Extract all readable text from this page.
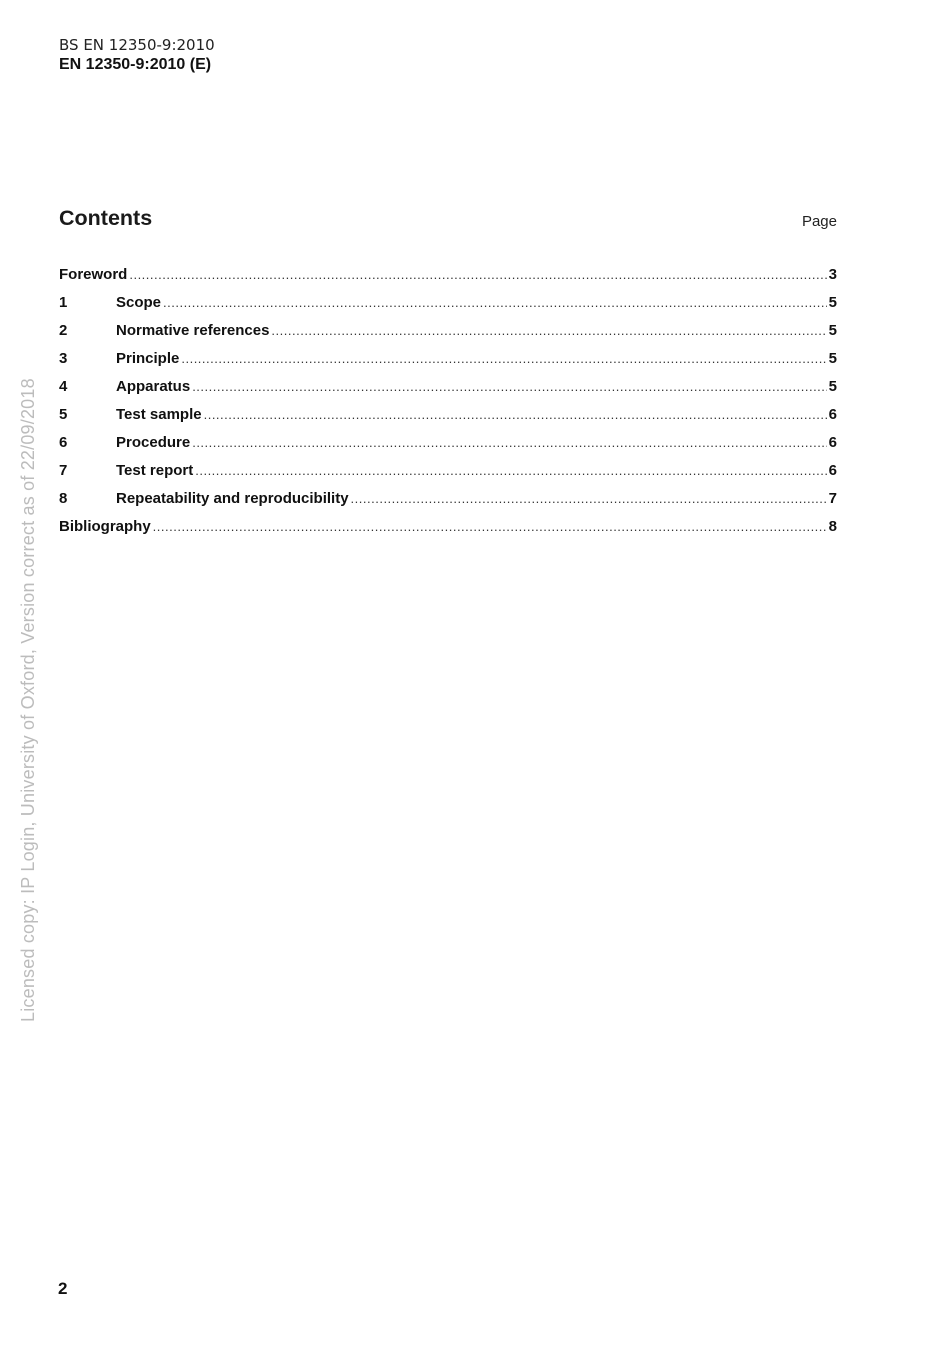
BS EN 12350-9:2010
EN 12350-9:2010 (E)
Contents	Page
Foreword .....	3
1	Scope .....	5
2	Normative references .....	5
3	Principle .....	5
4	Apparatus .....	5
5	Test sample .....	6
6	Procedure .....	6
7	Test report .....	6
8	Repeatability and reproducibility .....	7
Bibliography .....	8
Licensed copy: IP Login, University of Oxford, Version correct as of 22/09/2018
2
